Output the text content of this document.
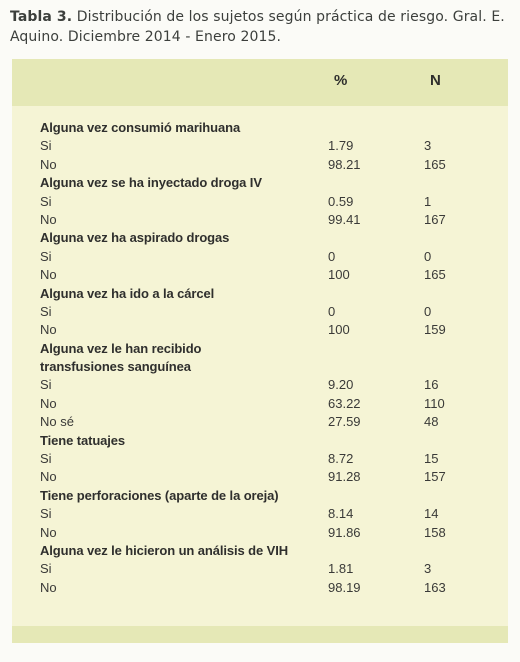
Tabla 3. Distribución de los sujetos según práctica de riesgo. Gral. E. Aquino. Diciembre 2014 - Enero 2015.
%	N
Alguna vez consumió marihuana
Si	1.79	3
No	98.21	165
Alguna vez se ha inyectado droga IV
Si	0.59	1
No	99.41	167
Alguna vez ha aspirado drogas
Si	0	0
No	100	165
Alguna vez ha ido a la cárcel
Si	0	0
No	100	159
Alguna vez le han recibido
transfusiones sanguínea
Si	9.20	16
No	63.22	110
No sé	27.59	48
Tiene tatuajes
Si	8.72	15
No	91.28	157
Tiene perforaciones (aparte de la oreja)
Si	8.14	14
No	91.86	158
Alguna vez le hicieron un análisis de VIH
Si	1.81	3
No	98.19	163
